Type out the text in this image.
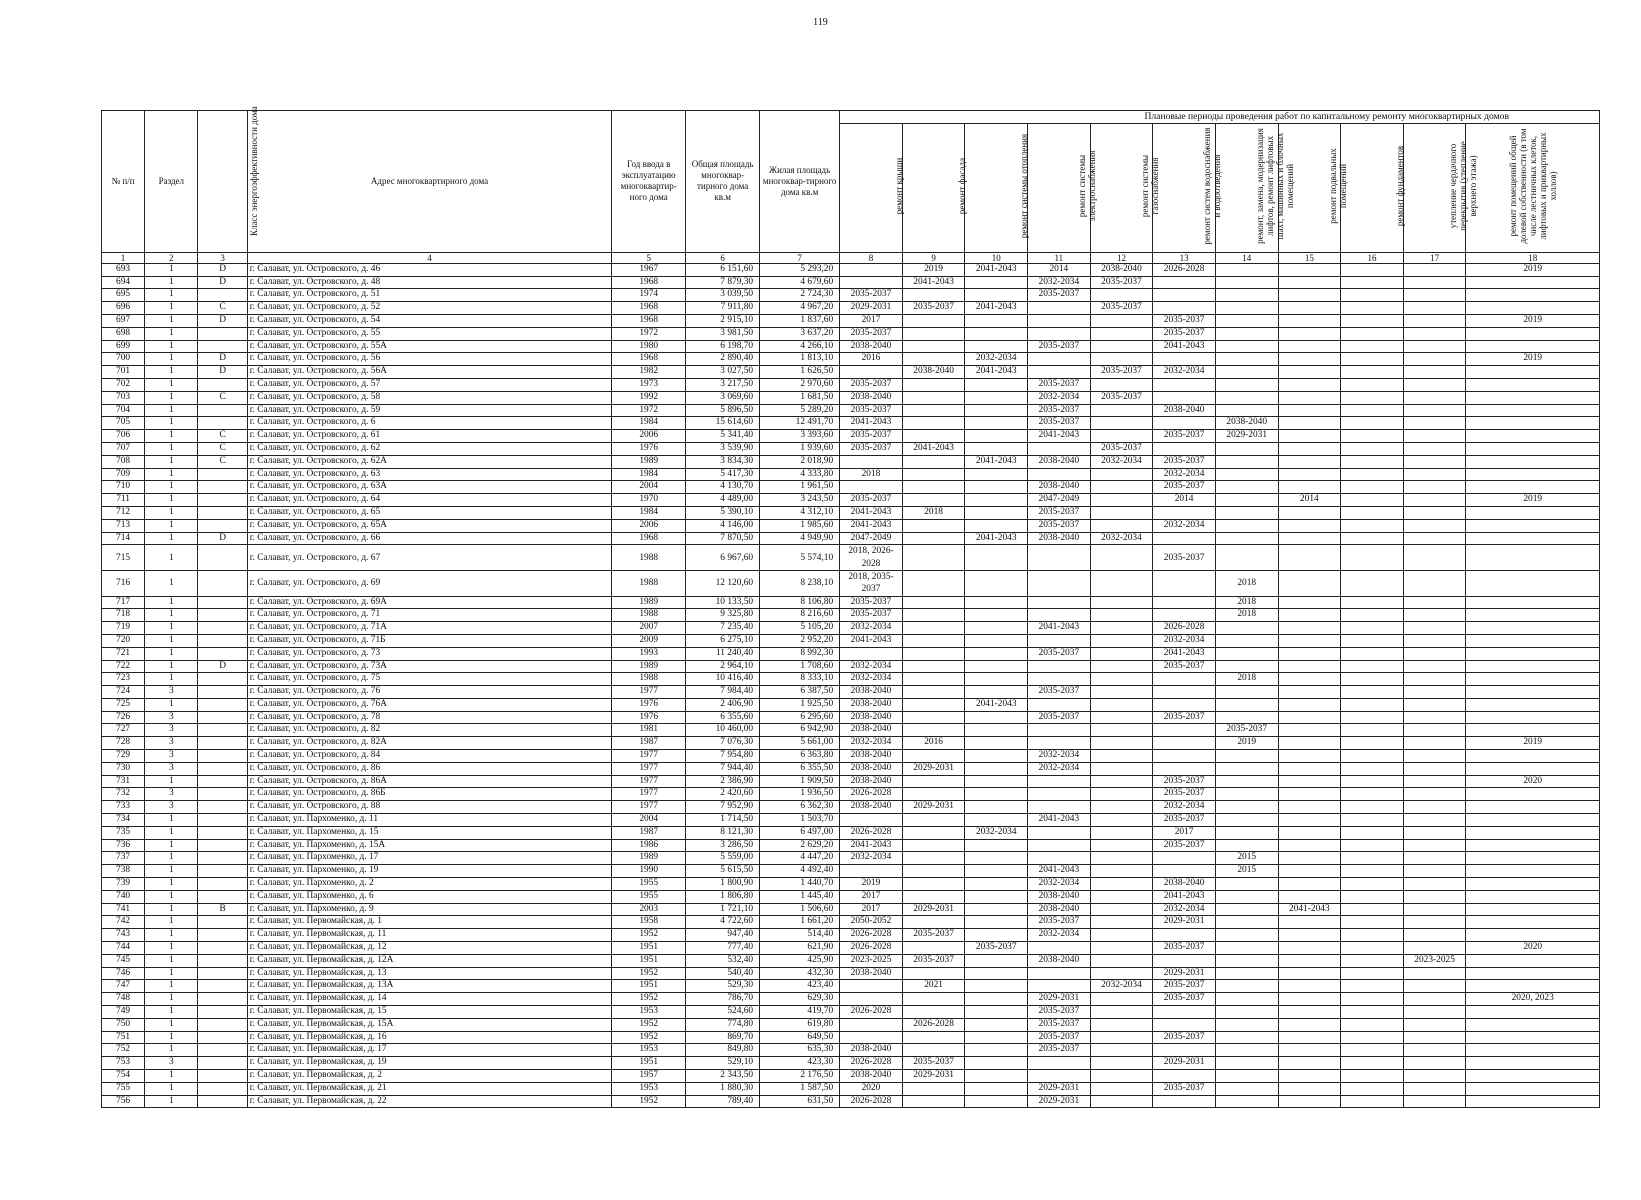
119
№ п/п	Раздел	Класс энергоэффективности дома	Адрес многоквартирного дома	Год ввода в эксплуатацию многоквартир-ного дома	Общая площадь многоквар-тирного дома кв.м	Жилая площадь многоквар-тирного дома кв.м	Плановые периоды проведения работ по капитальному ремонту многоквартирных домов										
							ремонт крыши	ремонт фасада	ремонт системы отопления	ремонт системы электроснабжения	ремонт системы газоснабжения	ремонт систем водоснабжения и водоотведения	ремонт, замена, модернизация лифтов, ремонт лифтовых шахт, машинных и блочных помещений	ремонт подвальных помещений	ремонт фундаментов	утепление чердачного перекрытия (утепление верхнего этажа)	ремонт помещений общей долевой собственности (в том числе лестничных клеток, лифтовых и приквартирных холлов)
1	2	3	4	5	6	7	8	9	10	11	12	13	14	15	16	17	18
693	1	D	г. Салават, ул. Островского, д. 46	1967	6 151,60	5 293,20		2019	2041-2043	2014	2038-2040	2026-2028					2019
694	1	D	г. Салават, ул. Островского, д. 48	1968	7 879,30	4 679,60		2041-2043		2032-2034	2035-2037						
695	1		г. Салават, ул. Островского, д. 51	1974	3 039,50	2 724,30	2035-2037			2035-2037							
696	1	C	г. Салават, ул. Островского, д. 52	1968	7 911,80	4 967,20	2029-2031	2035-2037	2041-2043		2035-2037						
697	1	D	г. Салават, ул. Островского, д. 54	1968	2 915,10	1 837,60	2017					2035-2037					2019
698	1		г. Салават, ул. Островского, д. 55	1972	3 981,50	3 637,20	2035-2037					2035-2037					
699	1		г. Салават, ул. Островского, д. 55А	1980	6 198,70	4 266,10	2038-2040			2035-2037		2041-2043					
700	1	D	г. Салават, ул. Островского, д. 56	1968	2 890,40	1 813,10	2016		2032-2034								2019
701	1	D	г. Салават, ул. Островского, д. 56А	1982	3 027,50	1 626,50		2038-2040	2041-2043		2035-2037	2032-2034					
702	1		г. Салават, ул. Островского, д. 57	1973	3 217,50	2 970,60	2035-2037			2035-2037							
703	1	C	г. Салават, ул. Островского, д. 58	1992	3 069,60	1 681,50	2038-2040			2032-2034	2035-2037						
704	1		г. Салават, ул. Островского, д. 59	1972	5 896,50	5 289,20	2035-2037			2035-2037		2038-2040					
705	1		г. Салават, ул. Островского, д. 6	1984	15 614,60	12 491,70	2041-2043			2035-2037			2038-2040				
706	1	C	г. Салават, ул. Островского, д. 61	2006	5 341,40	3 393,60	2035-2037			2041-2043		2035-2037	2029-2031				
707	1	C	г. Салават, ул. Островского, д. 62	1976	3 539,90	1 939,60	2035-2037	2041-2043			2035-2037						
708	1	C	г. Салават, ул. Островского, д. 62А	1989	3 834,30	2 018,90			2041-2043	2038-2040	2032-2034	2035-2037					
709	1		г. Салават, ул. Островского, д. 63	1984	5 417,30	4 333,80	2018					2032-2034					
710	1		г. Салават, ул. Островского, д. 63А	2004	4 130,70	1 961,50				2038-2040		2035-2037					
711	1		г. Салават, ул. Островского, д. 64	1970	4 489,00	3 243,50	2035-2037			2047-2049		2014		2014			2019
712	1		г. Салават, ул. Островского, д. 65	1984	5 390,10	4 312,10	2041-2043	2018		2035-2037							
713	1		г. Салават, ул. Островского, д. 65А	2006	4 146,00	1 985,60	2041-2043			2035-2037		2032-2034					
714	1	D	г. Салават, ул. Островского, д. 66	1968	7 870,50	4 949,90	2047-2049		2041-2043	2038-2040	2032-2034						
715	1		г. Салават, ул. Островского, д. 67	1988	6 967,60	5 574,10	2018, 2026-2028					2035-2037					
716	1		г. Салават, ул. Островского, д. 69	1988	12 120,60	8 238,10	2018, 2035-2037						2018				
717	1		г. Салават, ул. Островского, д. 69А	1989	10 133,50	8 106,80	2035-2037						2018				
718	1		г. Салават, ул. Островского, д. 71	1988	9 325,80	8 216,60	2035-2037						2018				
719	1		г. Салават, ул. Островского, д. 71А	2007	7 235,40	5 105,20	2032-2034			2041-2043		2026-2028					
720	1		г. Салават, ул. Островского, д. 71Б	2009	6 275,10	2 952,20	2041-2043					2032-2034					
721	1		г. Салават, ул. Островского, д. 73	1993	11 240,40	8 992,30				2035-2037		2041-2043					
722	1	D	г. Салават, ул. Островского, д. 73А	1989	2 964,10	1 708,60	2032-2034					2035-2037					
723	1		г. Салават, ул. Островского, д. 75	1988	10 416,40	8 333,10	2032-2034						2018				
724	3		г. Салават, ул. Островского, д. 76	1977	7 984,40	6 387,50	2038-2040			2035-2037							
725	1		г. Салават, ул. Островского, д. 76А	1976	2 406,90	1 925,50	2038-2040		2041-2043								
726	3		г. Салават, ул. Островского, д. 78	1976	6 355,60	6 295,60	2038-2040			2035-2037		2035-2037					
727	3		г. Салават, ул. Островского, д. 82	1981	10 460,00	6 942,90	2038-2040						2035-2037				
728	3		г. Салават, ул. Островского, д. 82А	1987	7 076,30	5 661,00	2032-2034	2016					2019				2019
729	3		г. Салават, ул. Островского, д. 84	1977	7 954,80	6 363,80	2038-2040			2032-2034							
730	3		г. Салават, ул. Островского, д. 86	1977	7 944,40	6 355,50	2038-2040	2029-2031		2032-2034							
731	1		г. Салават, ул. Островского, д. 86А	1977	2 386,90	1 909,50	2038-2040					2035-2037					2020
732	3		г. Салават, ул. Островского, д. 86Б	1977	2 420,60	1 936,50	2026-2028					2035-2037					
733	3		г. Салават, ул. Островского, д. 88	1977	7 952,90	6 362,30	2038-2040	2029-2031				2032-2034					
734	1		г. Салават, ул. Пархоменко, д. 11	2004	1 714,50	1 503,70				2041-2043		2035-2037					
735	1		г. Салават, ул. Пархоменко, д. 15	1987	8 121,30	6 497,00	2026-2028		2032-2034			2017					
736	1		г. Салават, ул. Пархоменко, д. 15А	1986	3 286,50	2 629,20	2041-2043					2035-2037					
737	1		г. Салават, ул. Пархоменко, д. 17	1989	5 559,00	4 447,20	2032-2034						2015				
738	1		г. Салават, ул. Пархоменко, д. 19	1990	5 615,50	4 492,40				2041-2043			2015				
739	1		г. Салават, ул. Пархоменко, д. 2	1955	1 800,90	1 440,70	2019			2032-2034		2038-2040					
740	1		г. Салават, ул. Пархоменко, д. 6	1955	1 806,80	1 445,40	2017			2038-2040		2041-2043					
741	1	B	г. Салават, ул. Пархоменко, д. 9	2003	1 721,10	1 506,60	2017	2029-2031		2038-2040		2032-2034		2041-2043			
742	1		г. Салават, ул. Первомайская, д. 1	1958	4 722,60	1 661,20	2050-2052			2035-2037		2029-2031					
743	1		г. Салават, ул. Первомайская, д. 11	1952	947,40	514,40	2026-2028	2035-2037		2032-2034							
744	1		г. Салават, ул. Первомайская, д. 12	1951	777,40	621,90	2026-2028		2035-2037			2035-2037					2020
745	1		г. Салават, ул. Первомайская, д. 12А	1951	532,40	425,90	2023-2025	2035-2037		2038-2040						2023-2025	
746	1		г. Салават, ул. Первомайская, д. 13	1952	540,40	432,30	2038-2040					2029-2031					
747	1		г. Салават, ул. Первомайская, д. 13А	1951	529,30	423,40		2021			2032-2034	2035-2037					
748	1		г. Салават, ул. Первомайская, д. 14	1952	786,70	629,30				2029-2031		2035-2037					2020, 2023
749	1		г. Салават, ул. Первомайская, д. 15	1953	524,60	419,70	2026-2028			2035-2037							
750	1		г. Салават, ул. Первомайская, д. 15А	1952	774,80	619,80		2026-2028		2035-2037							
751	1		г. Салават, ул. Первомайская, д. 16	1952	869,70	649,50				2035-2037		2035-2037					
752	1		г. Салават, ул. Первомайская, д. 17	1953	849,80	635,30	2038-2040			2035-2037							
753	3		г. Салават, ул. Первомайская, д. 19	1951	529,10	423,30	2026-2028	2035-2037				2029-2031					
754	1		г. Салават, ул. Первомайская, д. 2	1957	2 343,50	2 176,50	2038-2040	2029-2031									
755	1		г. Салават, ул. Первомайская, д. 21	1953	1 880,30	1 587,50	2020			2029-2031		2035-2037					
756	1		г. Салават, ул. Первомайская, д. 22	1952	789,40	631,50	2026-2028			2029-2031							
